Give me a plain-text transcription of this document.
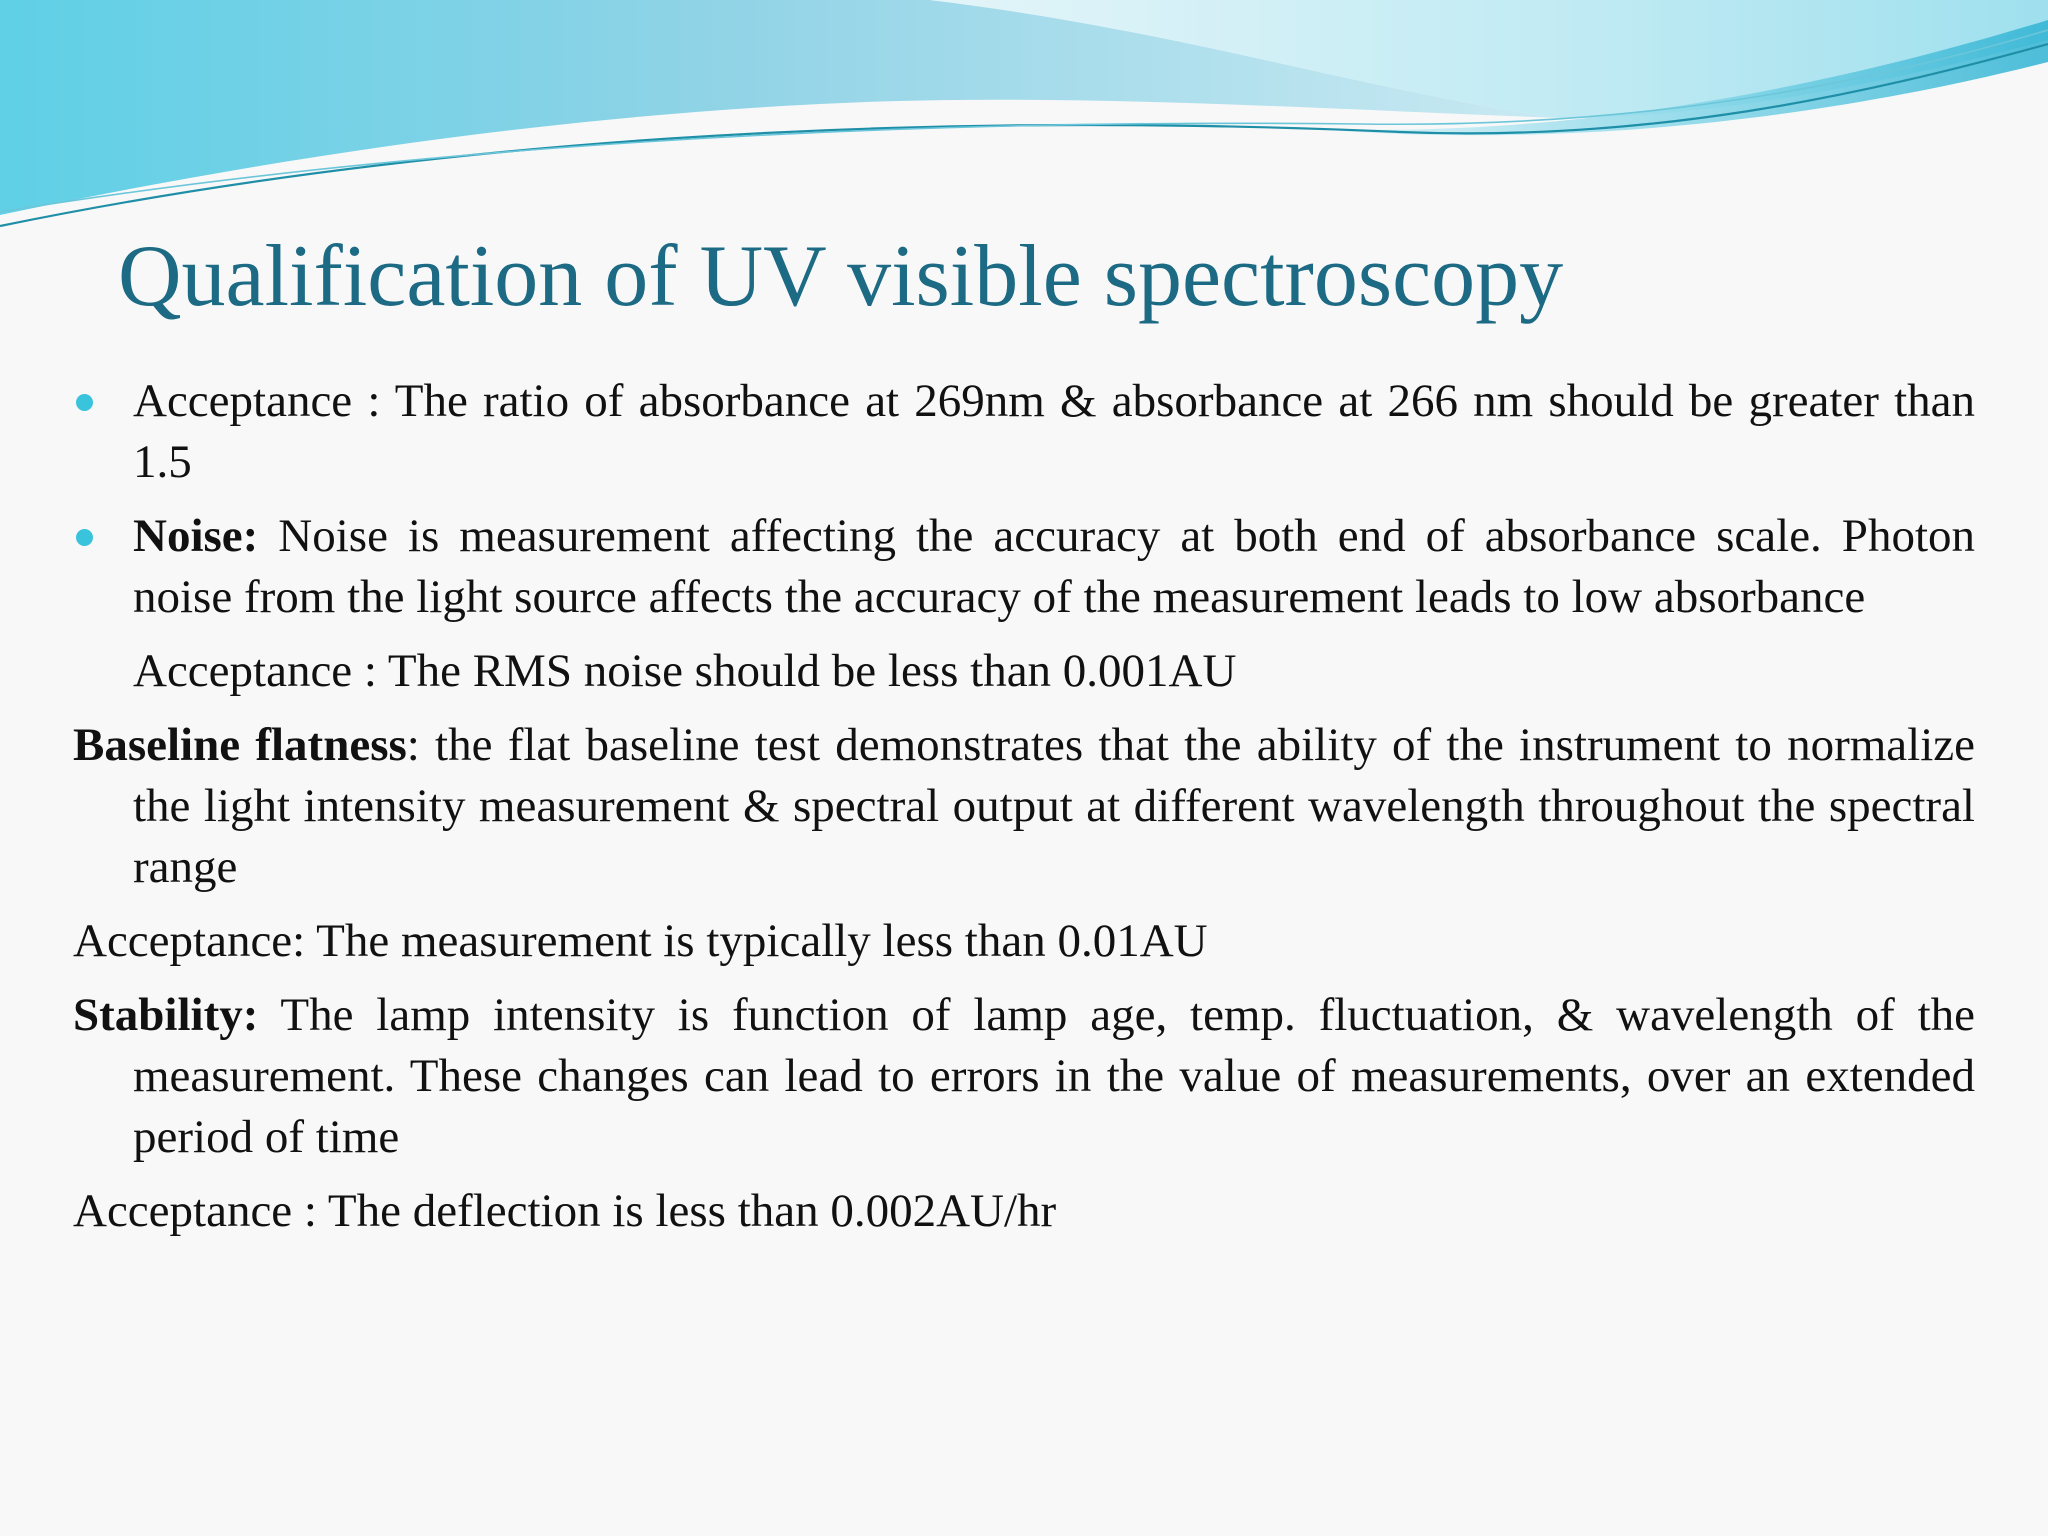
Qualification of UV visible spectroscopy

Acceptance : The ratio of absorbance at 269nm & absorbance at 266 nm should be greater than 1.5

Noise: Noise is measurement affecting the accuracy at both end of absorbance scale. Photon noise from the light source affects the accuracy of the measurement leads to low absorbance

Acceptance : The RMS noise should be less than 0.001AU

Baseline flatness: the flat baseline test demonstrates that the ability of the instrument to normalize the light intensity measurement & spectral output at different wavelength throughout the spectral range

Acceptance: The measurement is typically less than 0.01AU

Stability: The lamp intensity is function of lamp age, temp. fluctuation, & wavelength of the measurement. These changes can lead to errors in the value of measurements, over an extended period of time

Acceptance : The deflection is less than 0.002AU/hr
